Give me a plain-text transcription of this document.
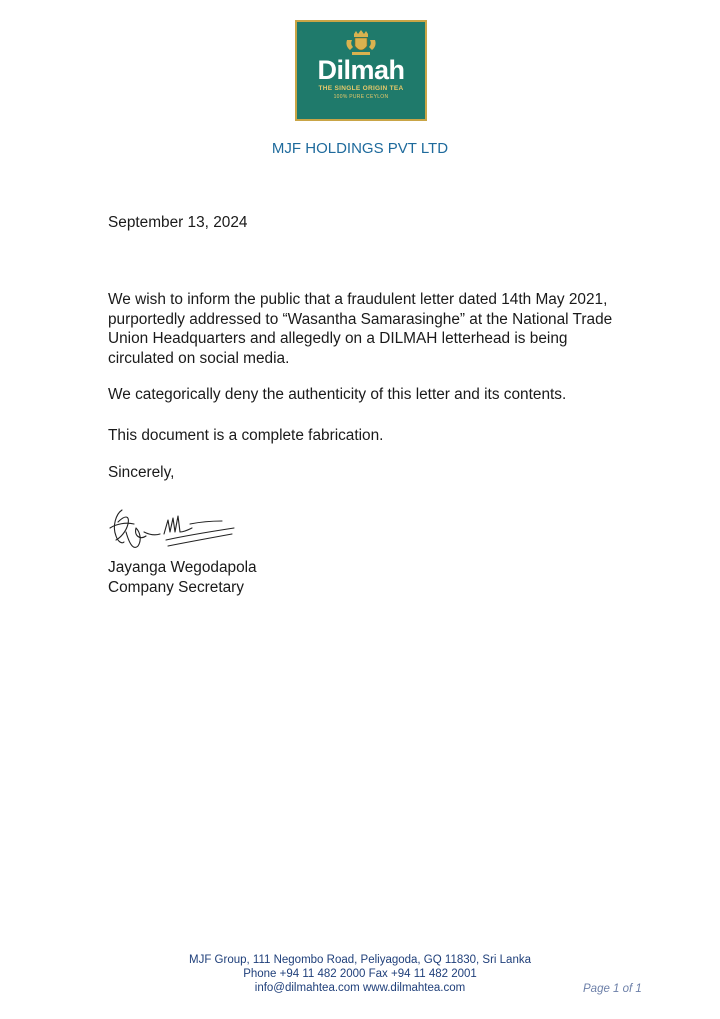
Dilmah
THE SINGLE ORIGIN TEA
100% PURE CEYLON
MJF HOLDINGS PVT LTD
September 13, 2024
We wish to inform the public that a fraudulent letter dated 14th May 2021, purportedly addressed to “Wasantha Samarasinghe” at the National Trade Union Headquarters and allegedly on a DILMAH letterhead is being circulated on social media.
We categorically deny the authenticity of this letter and its contents.
This document is a complete fabrication.
Sincerely,
Jayanga Wegodapola
Company Secretary
MJF Group, 111 Negombo Road, Peliyagoda, GQ 11830, Sri Lanka
Phone +94 11 482 2000 Fax +94 11 482 2001
info@dilmahtea.com www.dilmahtea.com	Page 1 of 1
